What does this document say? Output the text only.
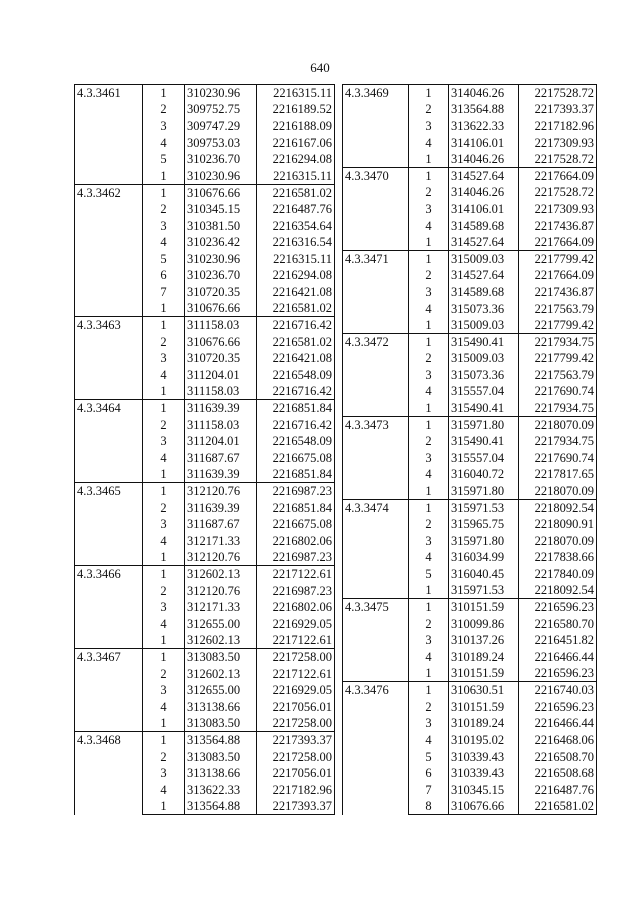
640
4.3.3461	1	310230.96	2216315.11
	2	309752.75	2216189.52
	3	309747.29	2216188.09
	4	309753.03	2216167.06
	5	310236.70	2216294.08
	1	310230.96	2216315.11
4.3.3462	1	310676.66	2216581.02
	2	310345.15	2216487.76
	3	310381.50	2216354.64
	4	310236.42	2216316.54
	5	310230.96	2216315.11
	6	310236.70	2216294.08
	7	310720.35	2216421.08
	1	310676.66	2216581.02
4.3.3463	1	311158.03	2216716.42
	2	310676.66	2216581.02
	3	310720.35	2216421.08
	4	311204.01	2216548.09
	1	311158.03	2216716.42
4.3.3464	1	311639.39	2216851.84
	2	311158.03	2216716.42
	3	311204.01	2216548.09
	4	311687.67	2216675.08
	1	311639.39	2216851.84
4.3.3465	1	312120.76	2216987.23
	2	311639.39	2216851.84
	3	311687.67	2216675.08
	4	312171.33	2216802.06
	1	312120.76	2216987.23
4.3.3466	1	312602.13	2217122.61
	2	312120.76	2216987.23
	3	312171.33	2216802.06
	4	312655.00	2216929.05
	1	312602.13	2217122.61
4.3.3467	1	313083.50	2217258.00
	2	312602.13	2217122.61
	3	312655.00	2216929.05
	4	313138.66	2217056.01
	1	313083.50	2217258.00
4.3.3468	1	313564.88	2217393.37
	2	313083.50	2217258.00
	3	313138.66	2217056.01
	4	313622.33	2217182.96
	1	313564.88	2217393.37
4.3.3469	1	314046.26	2217528.72
	2	313564.88	2217393.37
	3	313622.33	2217182.96
	4	314106.01	2217309.93
	1	314046.26	2217528.72
4.3.3470	1	314527.64	2217664.09
	2	314046.26	2217528.72
	3	314106.01	2217309.93
	4	314589.68	2217436.87
	1	314527.64	2217664.09
4.3.3471	1	315009.03	2217799.42
	2	314527.64	2217664.09
	3	314589.68	2217436.87
	4	315073.36	2217563.79
	1	315009.03	2217799.42
4.3.3472	1	315490.41	2217934.75
	2	315009.03	2217799.42
	3	315073.36	2217563.79
	4	315557.04	2217690.74
	1	315490.41	2217934.75
4.3.3473	1	315971.80	2218070.09
	2	315490.41	2217934.75
	3	315557.04	2217690.74
	4	316040.72	2217817.65
	1	315971.80	2218070.09
4.3.3474	1	315971.53	2218092.54
	2	315965.75	2218090.91
	3	315971.80	2218070.09
	4	316034.99	2217838.66
	5	316040.45	2217840.09
	1	315971.53	2218092.54
4.3.3475	1	310151.59	2216596.23
	2	310099.86	2216580.70
	3	310137.26	2216451.82
	4	310189.24	2216466.44
	1	310151.59	2216596.23
4.3.3476	1	310630.51	2216740.03
	2	310151.59	2216596.23
	3	310189.24	2216466.44
	4	310195.02	2216468.06
	5	310339.43	2216508.70
	6	310339.43	2216508.68
	7	310345.15	2216487.76
	8	310676.66	2216581.02
